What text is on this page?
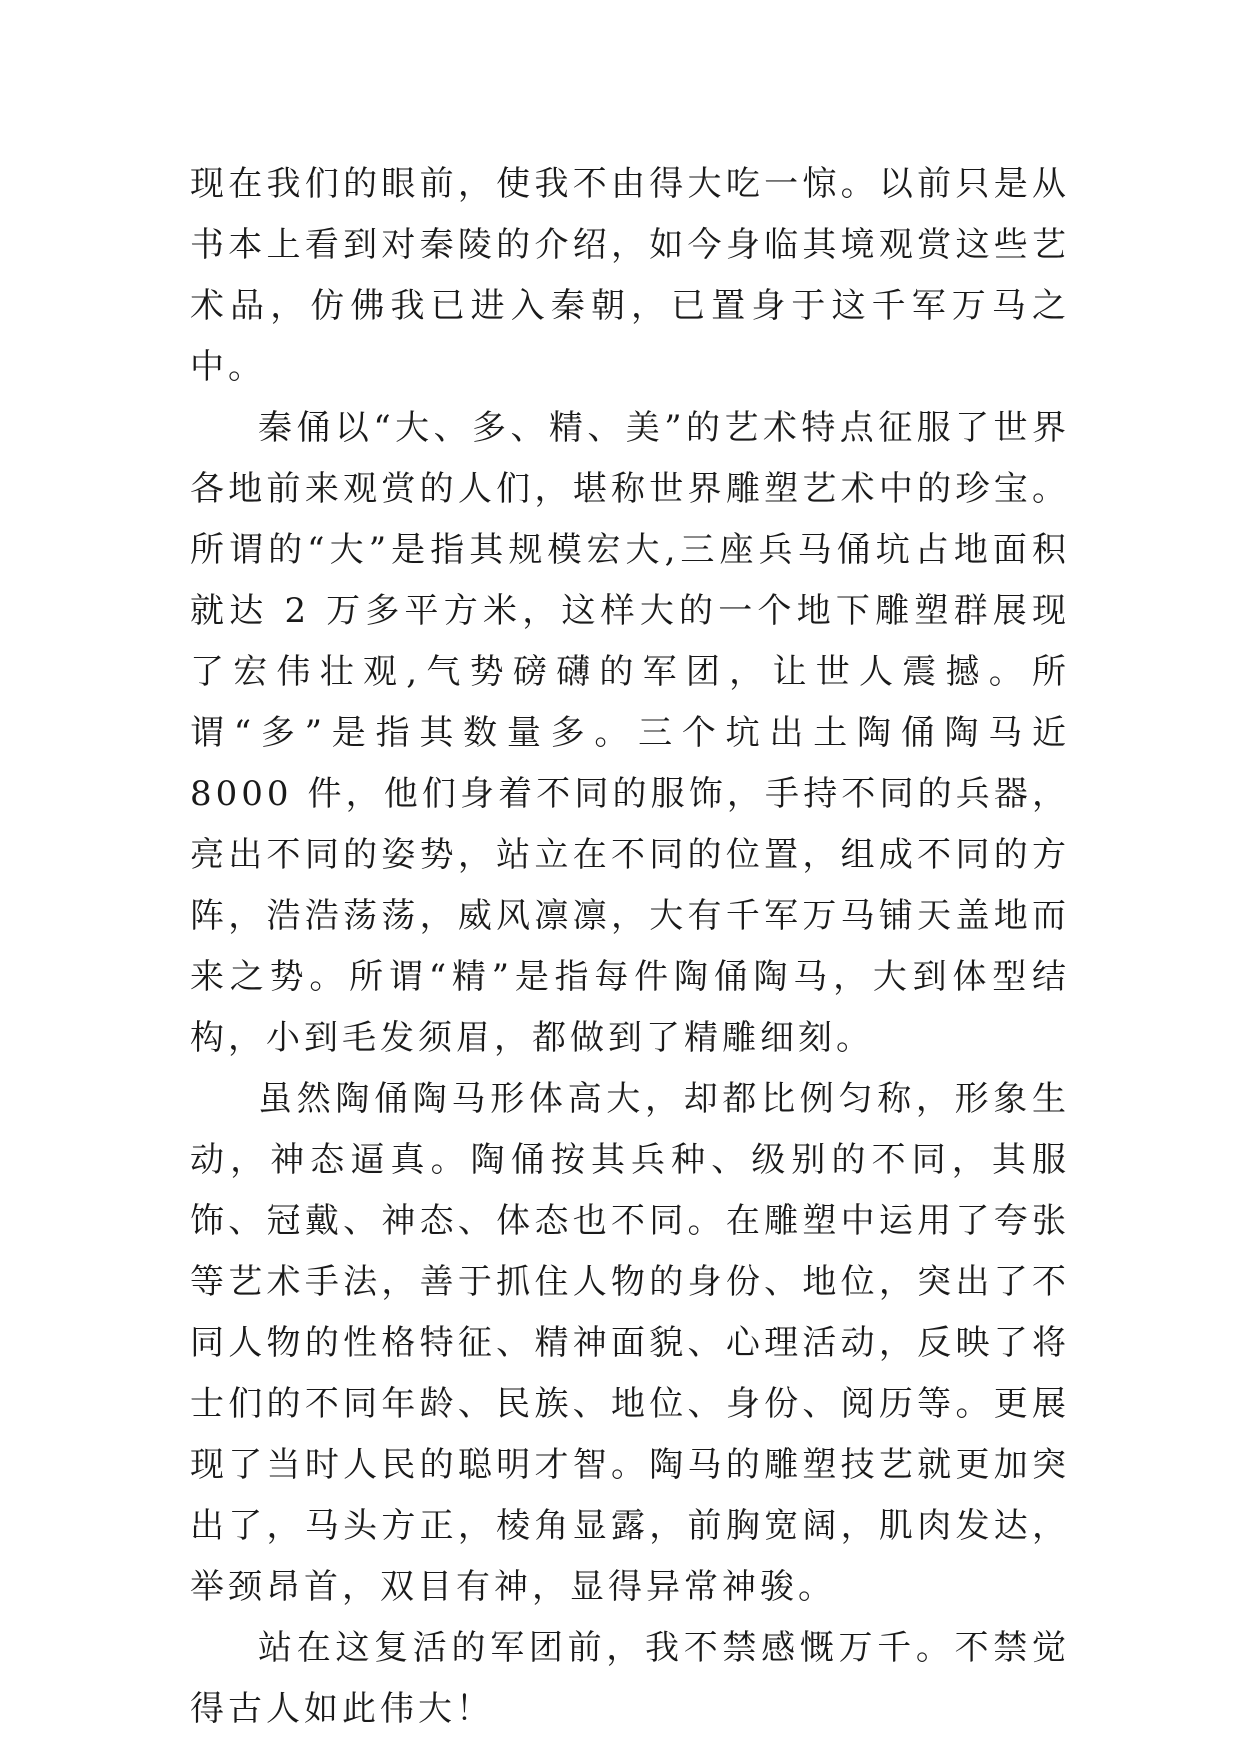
现在我们的眼前，使我不由得大吃一惊。以前只是从书本上看到对秦陵的介绍，如今身临其境观赏这些艺术品，仿佛我已进入秦朝，已置身于这千军万马之中。

秦俑以“大、多、精、美”的艺术特点征服了世界各地前来观赏的人们，堪称世界雕塑艺术中的珍宝。所谓的“大”是指其规模宏大,三座兵马俑坑占地面积就达 2 万多平方米，这样大的一个地下雕塑群展现了宏伟壮观,气势磅礴的军团，让世人震撼。所谓“多”是指其数量多。三个坑出土陶俑陶马近 8000 件，他们身着不同的服饰，手持不同的兵器，亮出不同的姿势，站立在不同的位置，组成不同的方阵，浩浩荡荡，威风凛凛，大有千军万马铺天盖地而来之势。所谓“精”是指每件陶俑陶马，大到体型结构，小到毛发须眉，都做到了精雕细刻。

虽然陶俑陶马形体高大，却都比例匀称，形象生动，神态逼真。陶俑按其兵种、级别的不同，其服饰、冠戴、神态、体态也不同。在雕塑中运用了夸张等艺术手法，善于抓住人物的身份、地位，突出了不同人物的性格特征、精神面貌、心理活动，反映了将士们的不同年龄、民族、地位、身份、阅历等。更展现了当时人民的聪明才智。陶马的雕塑技艺就更加突出了，马头方正，棱角显露，前胸宽阔，肌肉发达，举颈昂首，双目有神，显得异常神骏。

站在这复活的军团前，我不禁感慨万千。不禁觉得古人如此伟大！
